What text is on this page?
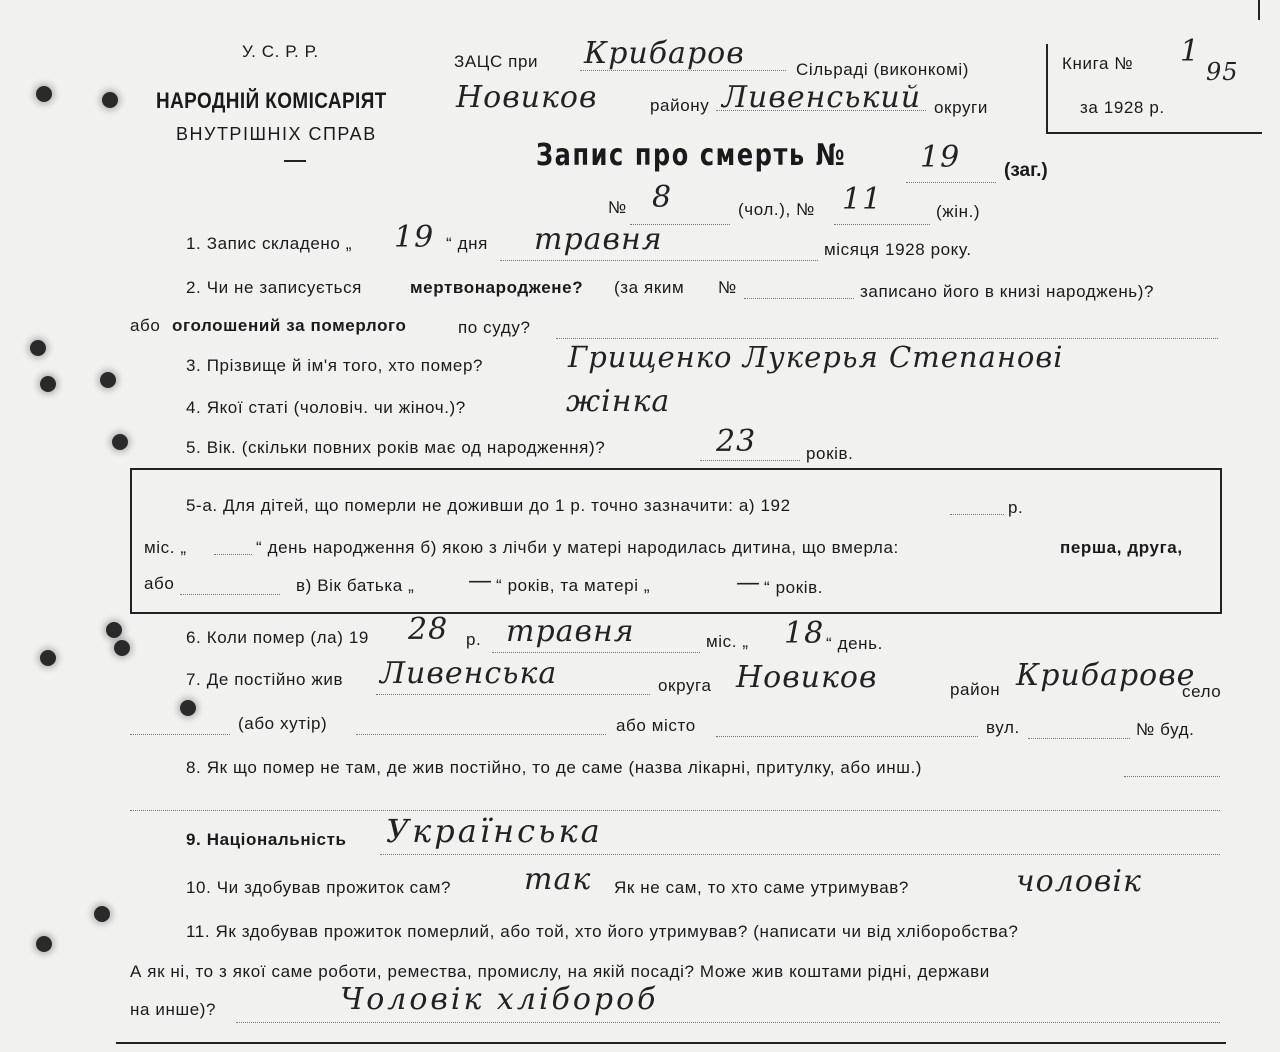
У. С. Р. Р.
НАРОДНІЙ КОМІСАРІЯТ
ВНУТРІШНІХ СПРАВ
ЗАЦС при Крибаров	Сільраді (виконкомі)
Новиков	району Ливенський округи
Книга № 1
95
за 1928 р.
Запис про смерть № 19 (заг.)
№ 8	(чол.), № 11	(жін.)
1. Запис складено „ 19 “ дня травня	місяця 1928 року.
2. Чи не записується	мертвонароджене? (за яким №	записано його в книзі народжень)?
або оголошений за померлого	по суду?
3. Прізвище й ім'я того, хто помер?	Грищенко Лукерья Степанові
4. Якої статі (чоловіч. чи жіноч.)?	жінка
5. Вік. (скільки повних років має од народження)?	23	років.
5-а. Для дітей, що померли не доживши до 1 р. точно зазначити: а) 192	р.
міс. „	“ день народження б) якою з лічби у матері народилась дитина, що вмерла:	перша, друга,
або	в) Вік батька „ — “ років, та матері „	— “ років.
6. Коли помер (ла) 19 28 р. травня	міс. „ 18 “ день.
7. Де постійно жив Ливенська	округа Новиков	район Крибарове
село
(або хутір)	або місто	вул.	№ буд.
8. Як що помер не там, де жив постійно, то де саме (назва лікарні, притулку, або инш.)
9. Національність Українська
10. Чи здобував прожиток сам? так Як не сам, то хто саме утримував?	чоловік
11. Як здобував прожиток померлий, або той, хто його утримував? (написати чи від хліборобства?
А як ні, то з якої саме роботи, ремества, промислу, на якій посаді? Може жив коштами рідні, держави
на инше)?	Чоловік хлібороб
